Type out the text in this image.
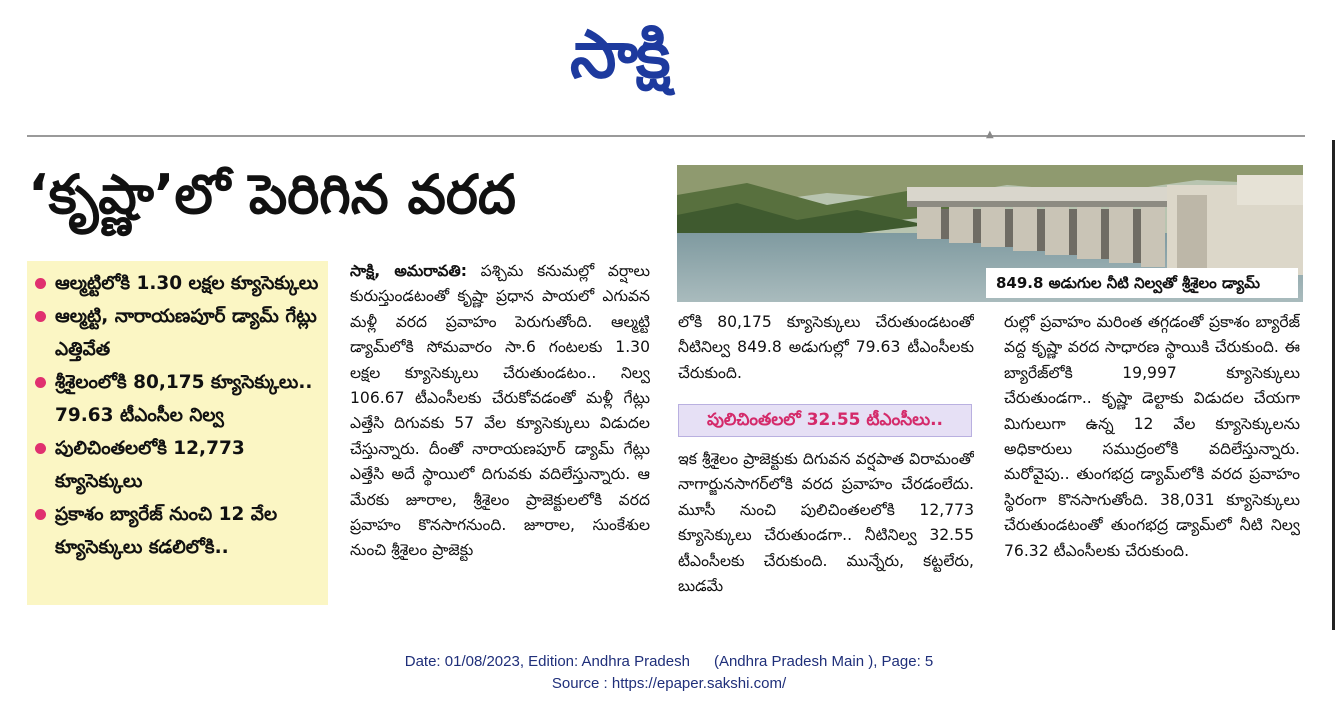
సాక్షి
▲
‘కృష్ణా’లో పెరిగిన వరద
ఆల్మట్టిలోకి 1.30 లక్షల క్యూసెక్కులు
ఆల్మట్టి, నారాయణపూర్ డ్యామ్ గేట్లు ఎత్తివేత
శ్రీశైలంలోకి 80,175 క్యూసెక్కులు.. 79.63 టీఎంసీల నిల్వ
పులిచింతలలోకి 12,773 క్యూసెక్కులు
ప్రకాశం బ్యారేజ్ నుంచి 12 వేల క్యూసెక్కులు కడలిలోకి..

సాక్షి, అమరావతి: పశ్చిమ కనుమల్లో వర్షాలు కురుస్తుండటంతో కృష్ణా ప్రధాన పాయలో ఎగువన మళ్లీ వరద ప్రవాహం పెరుగుతోంది. ఆల్మట్టి డ్యామ్‌లోకి సోమవారం సా.6 గంటలకు 1.30 లక్షల క్యూసెక్కులు చేరుతుండటం.. నిల్వ 106.67 టీఎంసీలకు చేరుకోవడంతో మళ్లీ గేట్లు ఎత్తేసి దిగువకు 57 వేల క్యూసెక్కులు విడుదల చేస్తున్నారు. దీంతో నారాయణపూర్ డ్యామ్ గేట్లు ఎత్తేసి అదే స్థాయిలో దిగువకు వదిలేస్తున్నారు. ఆ మేరకు జూరాల, శ్రీశైలం ప్రాజెక్టులలోకి వరద ప్రవాహం కొనసాగనుంది. జూరాల, సుంకేశుల నుంచి శ్రీశైలం ప్రాజెక్టు

849.8 అడుగుల నీటి నిల్వతో శ్రీశైలం డ్యామ్

లోకి 80,175 క్యూసెక్కులు చేరుతుండటంతో నీటినిల్వ 849.8 అడుగుల్లో 79.63 టీఎంసీలకు చేరుకుంది.

పులిచింతలలో 32.55 టీఎంసీలు..

ఇక శ్రీశైలం ప్రాజెక్టుకు దిగువన వర్షపాత విరామంతో నాగార్జునసాగర్‌లోకి వరద ప్రవాహం చేరడంలేదు. మూసీ నుంచి పులిచింతలలోకి 12,773 క్యూసెక్కులు చేరుతుండగా.. నీటినిల్వ 32.55 టీఎంసీలకు చేరుకుంది. మున్నేరు, కట్టలేరు, బుడమే

రుల్లో ప్రవాహం మరింత తగ్గడంతో ప్రకాశం బ్యారేజ్ వద్ద కృష్ణా వరద సాధారణ స్థాయికి చేరుకుంది. ఈ బ్యారేజ్‌లోకి 19,997 క్యూసెక్కులు చేరుతుండగా.. కృష్ణా డెల్టాకు విడుదల చేయగా మిగులుగా ఉన్న 12 వేల క్యూసెక్కులను అధికారులు సముద్రంలోకి వదిలేస్తున్నారు. మరోవైపు.. తుంగభద్ర డ్యామ్‌లోకి వరద ప్రవాహం స్థిరంగా కొనసాగుతోంది. 38,031 క్యూసెక్కులు చేరుతుండటంతో తుంగభద్ర డ్యామ్‌లో నీటి నిల్వ 76.32 టీఎంసీలకు చేరుకుంది.

Date: 01/08/2023, Edition: Andhra Pradesh (Andhra Pradesh Main ), Page: 5
Source : https://epaper.sakshi.com/
